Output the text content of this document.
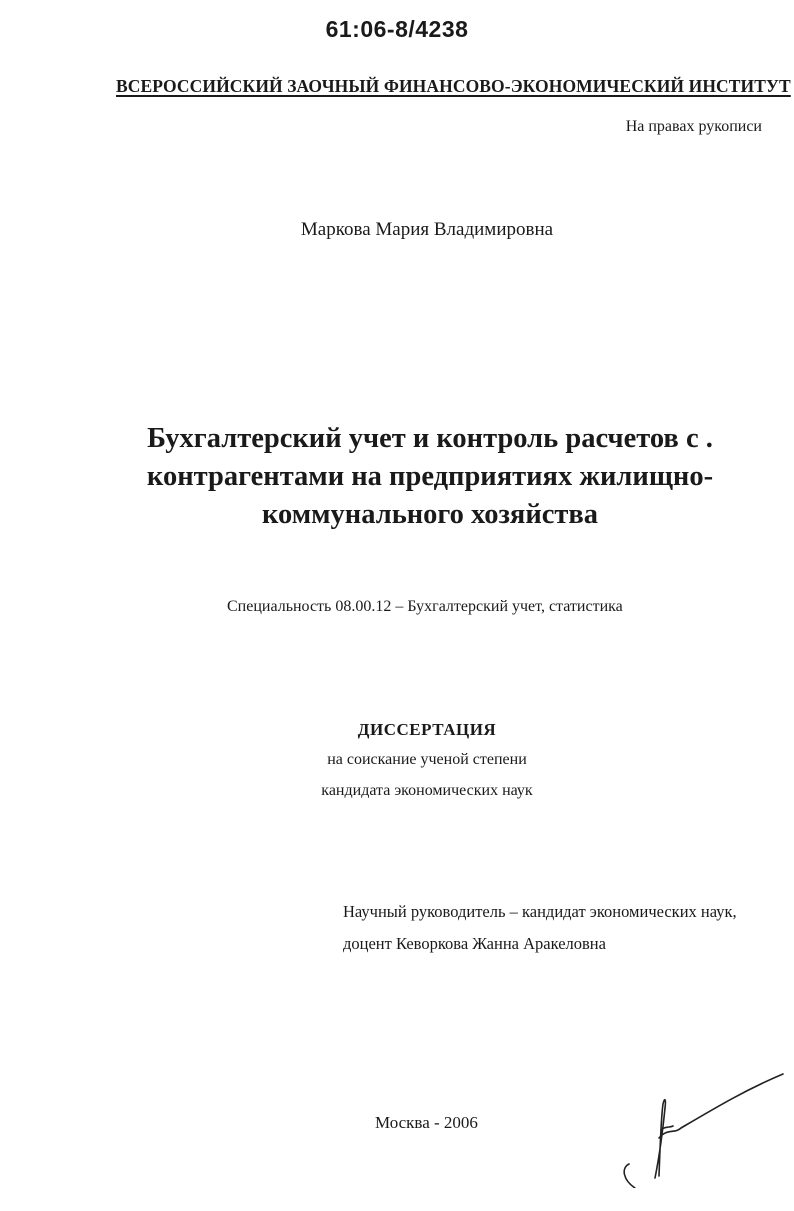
61:06-8/4238
ВСЕРОССИЙСКИЙ ЗАОЧНЫЙ ФИНАНСОВО-ЭКОНОМИЧЕСКИЙ ИНСТИТУТ
На правах рукописи
Маркова Мария Владимировна
Бухгалтерский учет и контроль расчетов с .
контрагентами на предприятиях жилищно-
коммунального хозяйства
Специальность 08.00.12 – Бухгалтерский учет, статистика
ДИССЕРТАЦИЯ
на соискание ученой степени
кандидата экономических наук
Научный руководитель – кандидат экономических наук,
доцент Кеворкова Жанна Аракеловна
Москва - 2006
